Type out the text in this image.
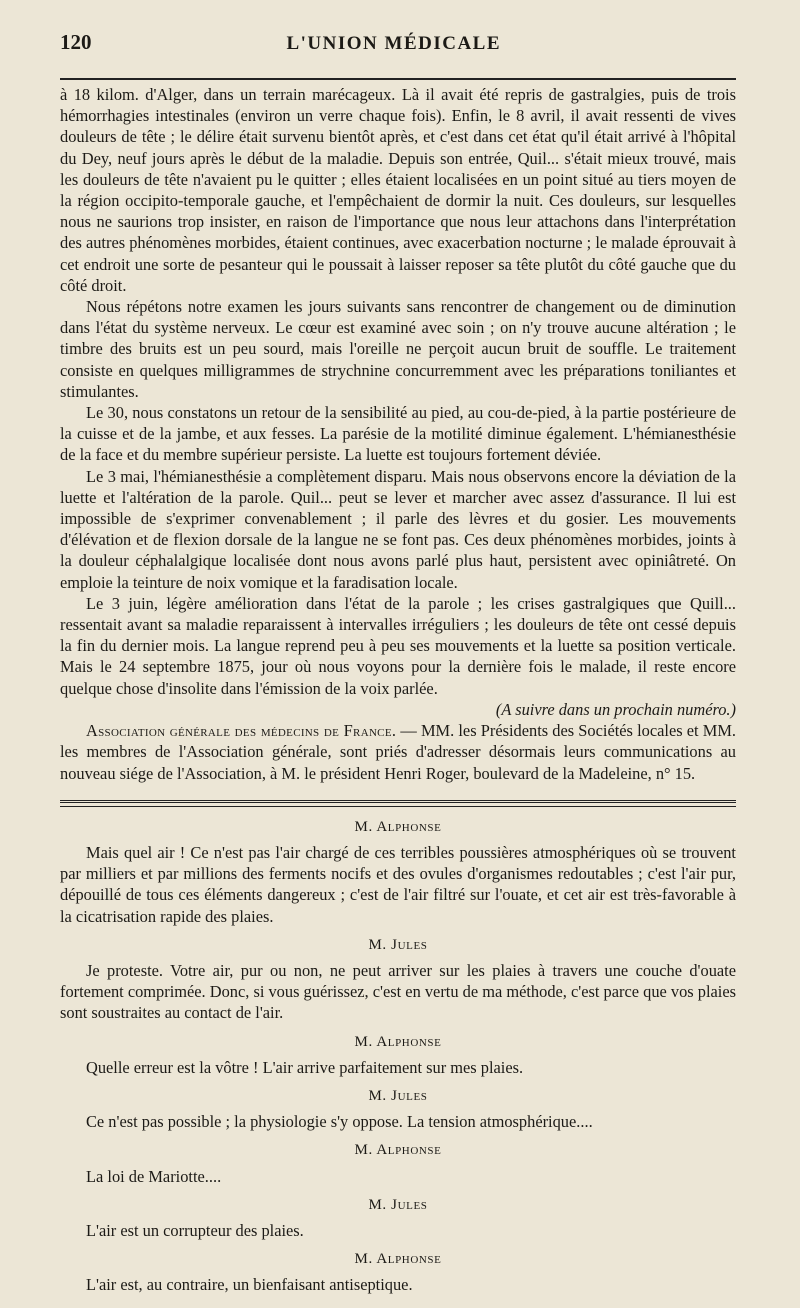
120	L'UNION MÉDICALE

à 18 kilom. d'Alger, dans un terrain marécageux. Là il avait été repris de gastralgies, puis de trois hémorrhagies intestinales (environ un verre chaque fois). Enfin, le 8 avril, il avait ressenti de vives douleurs de tête ; le délire était survenu bientôt après, et c'est dans cet état qu'il était arrivé à l'hôpital du Dey, neuf jours après le début de la maladie. Depuis son entrée, Quil... s'était mieux trouvé, mais les douleurs de tête n'avaient pu le quitter ; elles étaient localisées en un point situé au tiers moyen de la région occipito-temporale gauche, et l'empêchaient de dormir la nuit. Ces douleurs, sur lesquelles nous ne saurions trop insister, en raison de l'importance que nous leur attachons dans l'interprétation des autres phénomènes morbides, étaient continues, avec exacerbation nocturne ; le malade éprouvait à cet endroit une sorte de pesanteur qui le poussait à laisser reposer sa tête plutôt du côté gauche que du côté droit.

Nous répétons notre examen les jours suivants sans rencontrer de changement ou de diminution dans l'état du système nerveux. Le cœur est examiné avec soin ; on n'y trouve aucune altération ; le timbre des bruits est un peu sourd, mais l'oreille ne perçoit aucun bruit de souffle. Le traitement consiste en quelques milligrammes de strychnine concurremment avec les préparations toniliantes et stimulantes.

Le 30, nous constatons un retour de la sensibilité au pied, au cou-de-pied, à la partie postérieure de la cuisse et de la jambe, et aux fesses. La parésie de la motilité diminue également. L'hémianesthésie de la face et du membre supérieur persiste. La luette est toujours fortement déviée.

Le 3 mai, l'hémianesthésie a complètement disparu. Mais nous observons encore la déviation de la luette et l'altération de la parole. Quil... peut se lever et marcher avec assez d'assurance. Il lui est impossible de s'exprimer convenablement ; il parle des lèvres et du gosier. Les mouvements d'élévation et de flexion dorsale de la langue ne se font pas. Ces deux phénomènes morbides, joints à la douleur céphalalgique localisée dont nous avons parlé plus haut, persistent avec opiniâtreté. On emploie la teinture de noix vomique et la faradisation locale.

Le 3 juin, légère amélioration dans l'état de la parole ; les crises gastralgiques que Quill... ressentait avant sa maladie reparaissent à intervalles irréguliers ; les douleurs de tête ont cessé depuis la fin du dernier mois. La langue reprend peu à peu ses mouvements et la luette sa position verticale. Mais le 24 septembre 1875, jour où nous voyons pour la dernière fois le malade, il reste encore quelque chose d'insolite dans l'émission de la voix parlée.

(A suivre dans un prochain numéro.)

Association générale des médecins de France. — MM. les Présidents des Sociétés locales et MM. les membres de l'Association générale, sont priés d'adresser désormais leurs communications au nouveau siége de l'Association, à M. le président Henri Roger, boulevard de la Madeleine, n° 15.

M. Alphonse

Mais quel air ! Ce n'est pas l'air chargé de ces terribles poussières atmosphériques où se trouvent par milliers et par millions des ferments nocifs et des ovules d'organismes redoutables ; c'est l'air pur, dépouillé de tous ces éléments dangereux ; c'est de l'air filtré sur l'ouate, et cet air est très-favorable à la cicatrisation rapide des plaies.

M. Jules

Je proteste. Votre air, pur ou non, ne peut arriver sur les plaies à travers une couche d'ouate fortement comprimée. Donc, si vous guérissez, c'est en vertu de ma méthode, c'est parce que vos plaies sont soustraites au contact de l'air.

M. Alphonse

Quelle erreur est la vôtre ! L'air arrive parfaitement sur mes plaies.

M. Jules

Ce n'est pas possible ; la physiologie s'y oppose. La tension atmosphérique....

M. Alphonse

La loi de Mariotte....

M. Jules

L'air est un corrupteur des plaies.

M. Alphonse

L'air est, au contraire, un bienfaisant antiseptique.
